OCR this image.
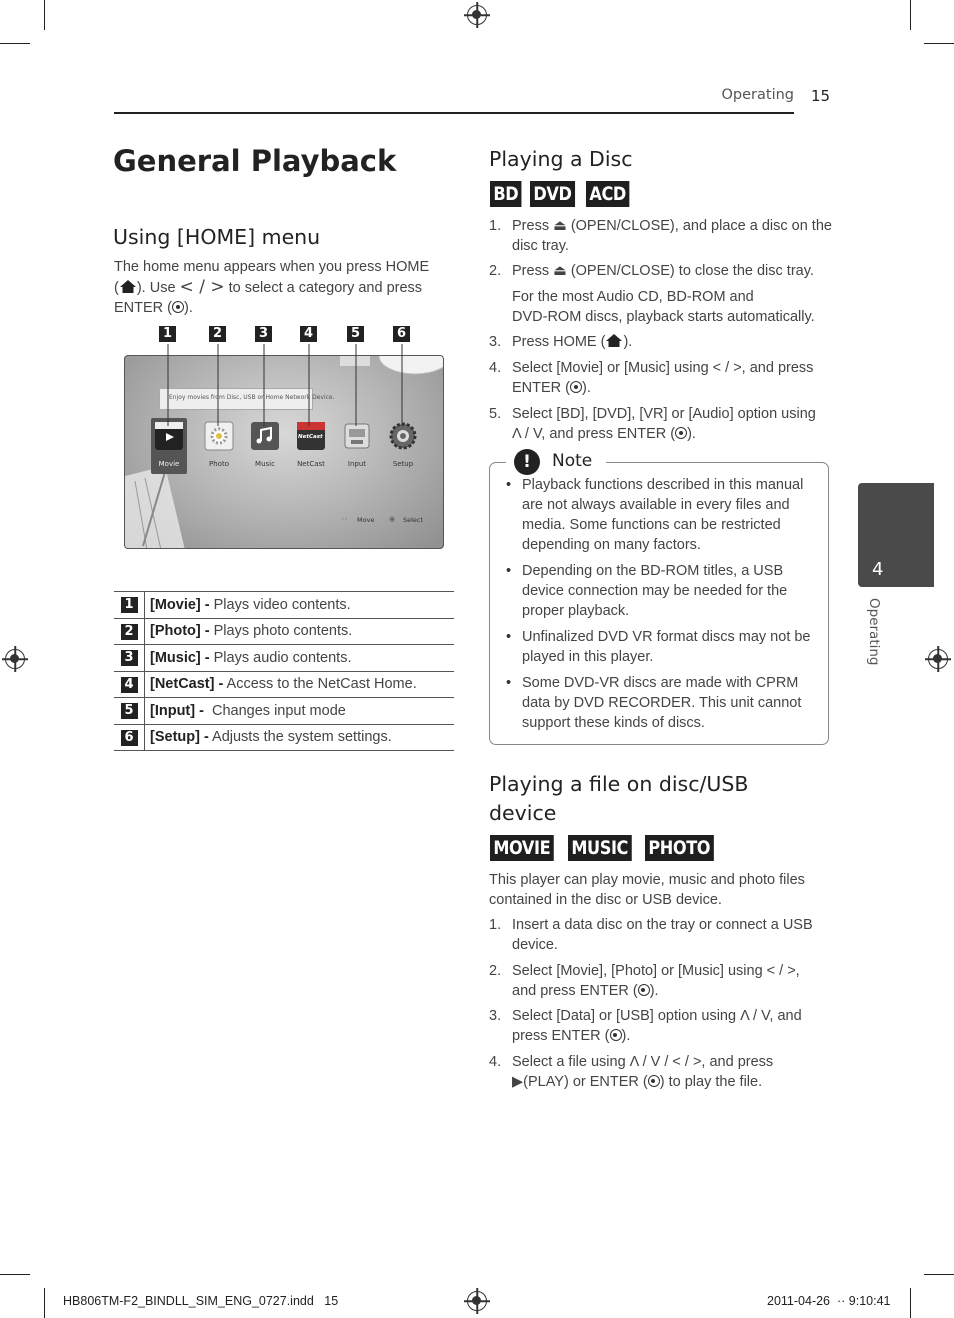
Operating 15
General Playback
Using [HOME] menu
The home menu appears when you press HOME
( ). Use < / > to select a category and press
ENTER ( ).
1	2	3	4	5	6
Enjoy movies from Disc, USB or Home Network Device.
Movie	Photo	Music
NetCast
NetCast	Input	Setup
◦◦ Move ◉ Select
1	[Movie] - Plays video contents.
2	[Photo] - Plays photo contents.
3	[Music] - Plays audio contents.
4	[NetCast] - Access to the NetCast Home.
5	[Input] -  Changes input mode
6	[Setup] - Adjusts the system settings.
Playing a Disc
BD DVD ACD
1. Press ⏏ (OPEN/CLOSE), and place a disc on the
disc tray.
2. Press ⏏ (OPEN/CLOSE) to close the disc tray.
For the most Audio CD, BD-ROM and
DVD-ROM discs, playback starts automatically.
3. Press HOME ( ).
4. Select [Movie] or [Music] using < / >, and press
ENTER ( ).
5. Select [BD], [DVD], [VR] or [Audio] option using
Λ / V, and press ENTER ( ).
!	Note
• Playback functions described in this manual
are not always available in every files and
media. Some functions can be restricted
depending on many factors.
• Depending on the BD-ROM titles, a USB
device connection may be needed for the
proper playback.
• Unfinalized DVD VR format discs may not be
played in this player.
• Some DVD-VR discs are made with CPRM
data by DVD RECORDER. This unit cannot
support these kinds of discs.
Playing a file on disc/USB
device
MOVIE MUSIC PHOTO
This player can play movie, music and photo files
contained in the disc or USB device.
1. Insert a data disc on the tray or connect a USB
device.
2. Select [Movie], [Photo] or [Music] using < / >,
and press ENTER ( ).
3. Select [Data] or [USB] option using Λ / V, and
press ENTER ( ).
4. Select a file using Λ / V / < / >, and press
▶(PLAY) or ENTER ( ) to play the file.
4
Operating
HB806TM-F2_BINDLL_SIM_ENG_0727.indd   15	2011-04-26 ·· 9:10:41
